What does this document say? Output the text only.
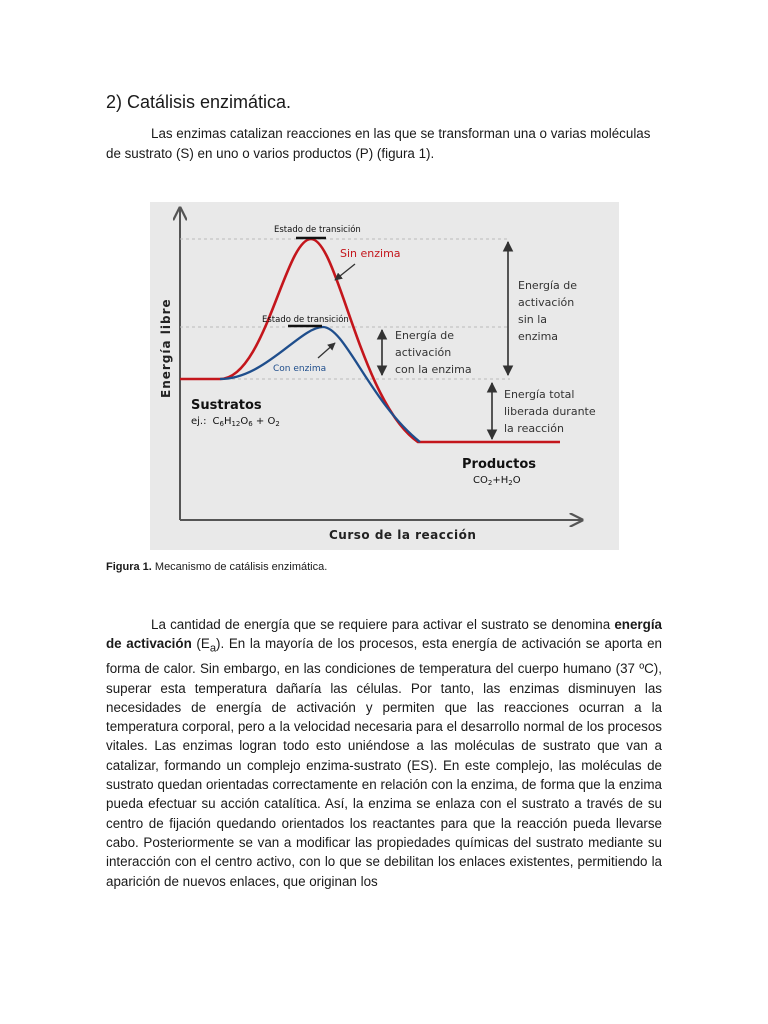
2) Catálisis enzimática.

Las enzimas catalizan reacciones en las que se transforman una o varias moléculas de sustrato (S) en uno o varios productos (P) (figura 1).

Estado de transición
Estado de transición
Sin enzima
Con enzima
Energía libre
Curso de la reacción
Sustratos
ej.: $C_6H_{12}O_6 + O_2$
Productos
$CO_2+H_2O$
Energía de activación sin la enzima
Energía de activación con la enzima
Energía total liberada durante la reacción

Figura 1. Mecanismo de catálisis enzimática.

La cantidad de energía que se requiere para activar el sustrato se denomina energía de activación $(E_a)$. En la mayoría de los procesos, esta energía de activación se aporta en forma de calor. Sin embargo, en las condiciones de temperatura del cuerpo humano (37 ºC), superar esta temperatura dañaría las células. Por tanto, las enzimas disminuyen las necesidades de energía de activación y permiten que las reacciones ocurran a la temperatura corporal, pero a la velocidad necesaria para el desarrollo normal de los procesos vitales. Las enzimas logran todo esto uniéndose a las moléculas de sustrato que van a catalizar, formando un complejo enzima-sustrato (ES). En este complejo, las moléculas de sustrato quedan orientadas correctamente en relación con la enzima, de forma que la enzima pueda efectuar su acción catalítica. Así, la enzima se enlaza con el sustrato a través de su centro de fijación quedando orientados los reactantes para que la reacción pueda llevarse cabo. Posteriormente se van a modificar las propiedades químicas del sustrato mediante su interacción con el centro activo, con lo que se debilitan los enlaces existentes, permitiendo la aparición de nuevos enlaces, que originan los
